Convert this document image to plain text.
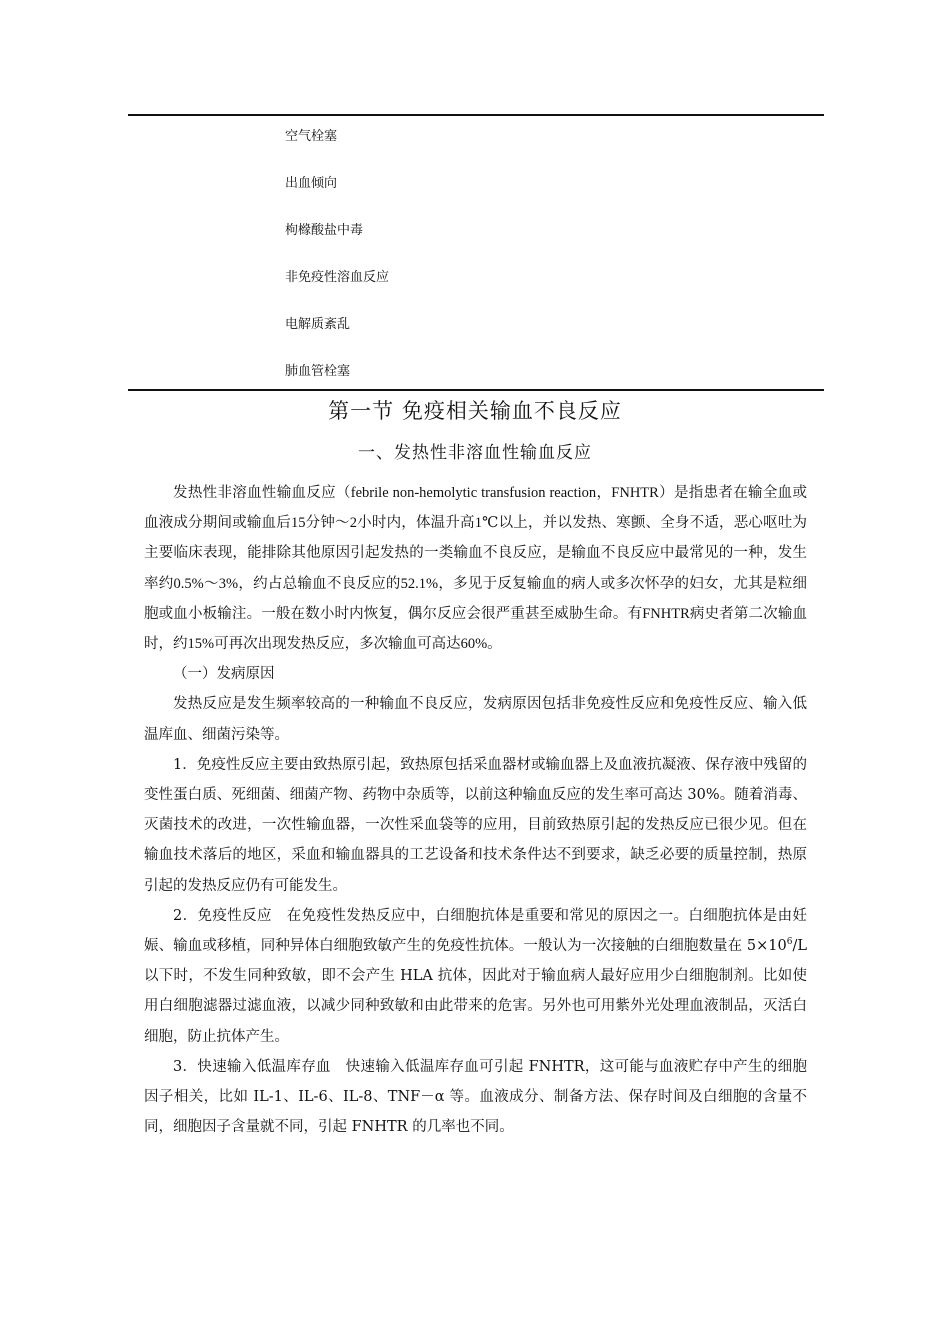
空气栓塞
出血倾向
枸橼酸盐中毒
非免疫性溶血反应
电解质紊乱
肺血管栓塞
第一节 免疫相关输血不良反应
一、发热性非溶血性输血反应

发热性非溶血性输血反应（febrile non-hemolytic transfusion reaction，FNHTR）是指患者在输全血或血液成分期间或输血后15分钟～2小时内，体温升高1℃以上，并以发热、寒颤、全身不适，恶心呕吐为主要临床表现，能排除其他原因引起发热的一类输血不良反应，是输血不良反应中最常见的一种，发生率约0.5%～3%，约占总输血不良反应的52.1%，多见于反复输血的病人或多次怀孕的妇女，尤其是粒细胞或血小板输注。一般在数小时内恢复，偶尔反应会很严重甚至威胁生命。有FNHTR病史者第二次输血时，约15%可再次出现发热反应，多次输血可高达60%。

（一）发病原因

发热反应是发生频率较高的一种输血不良反应，发病原因包括非免疫性反应和免疫性反应、输入低温库血、细菌污染等。

1．免疫性反应主要由致热原引起，致热原包括采血器材或输血器上及血液抗凝液、保存液中残留的变性蛋白质、死细菌、细菌产物、药物中杂质等，以前这种输血反应的发生率可高达 30%。随着消毒、灭菌技术的改进，一次性输血器，一次性采血袋等的应用，目前致热原引起的发热反应已很少见。但在输血技术落后的地区，采血和输血器具的工艺设备和技术条件达不到要求，缺乏必要的质量控制，热原引起的发热反应仍有可能发生。

2．免疫性反应　在免疫性发热反应中，白细胞抗体是重要和常见的原因之一。白细胞抗体是由妊娠、输血或移植，同种异体白细胞致敏产生的免疫性抗体。一般认为一次接触的白细胞数量在 $5\times 10^6/L$ 以下时，不发生同种致敏，即不会产生 HLA 抗体，因此对于输血病人最好应用少白细胞制剂。比如使用白细胞滤器过滤血液，以减少同种致敏和由此带来的危害。另外也可用紫外光处理血液制品，灭活白细胞，防止抗体产生。

3．快速输入低温库存血　快速输入低温库存血可引起 FNHTR，这可能与血液贮存中产生的细胞因子相关，比如 IL-1、IL-6、IL-8、TNF－α 等。血液成分、制备方法、保存时间及白细胞的含量不同，细胞因子含量就不同，引起 FNHTR 的几率也不同。
